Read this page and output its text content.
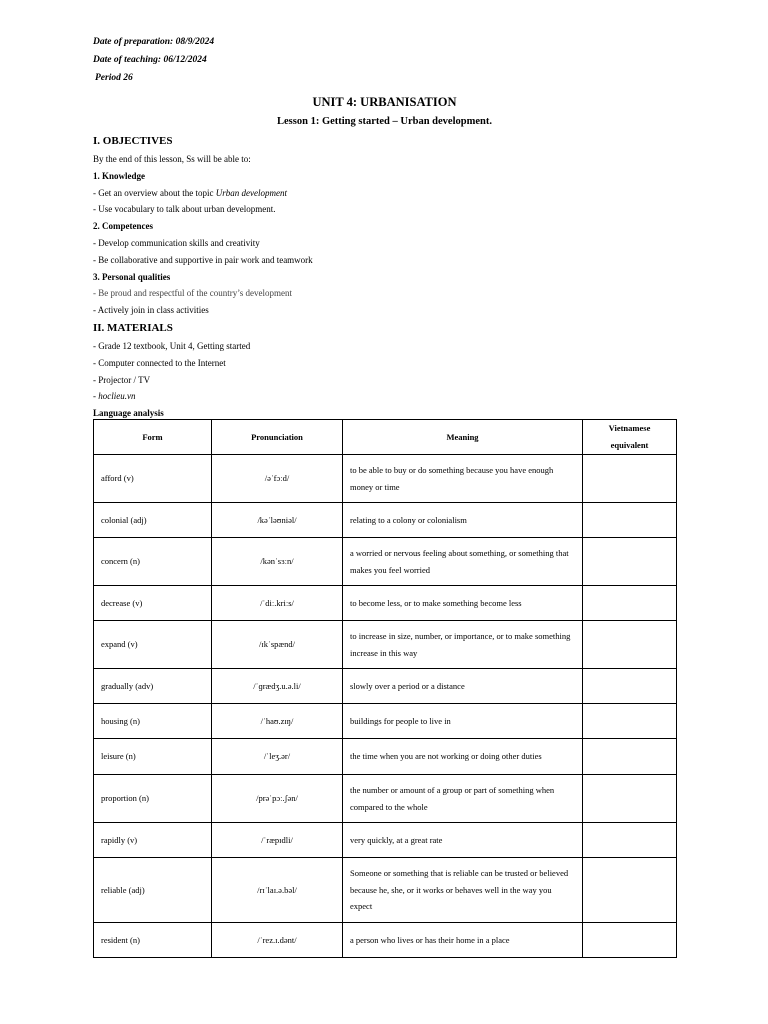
Date of preparation: 08/9/2024
Date of teaching: 06/12/2024
Period 26
UNIT 4: URBANISATION
Lesson 1: Getting started – Urban development.
I. OBJECTIVES
By the end of this lesson, Ss will be able to:
1. Knowledge
- Get an overview about the topic Urban development
- Use vocabulary to talk about urban development.
2. Competences
- Develop communication skills and creativity
- Be collaborative and supportive in pair work and teamwork
3. Personal qualities
- Be proud and respectful of the country’s development
- Actively join in class activities
II. MATERIALS
- Grade 12 textbook, Unit 4, Getting started
- Computer connected to the Internet
- Projector / TV
- hoclieu.vn
Language analysis
Form	Pronunciation	Meaning	Vietnamese equivalent
afford (v)	/əˈfɔːd/	to be able to buy or do something because you have enough money or time	
colonial (adj)	/kəˈləʊniəl/	relating to a colony or colonialism	
concern (n)	/kənˈsɜːn/	a worried or nervous feeling about something, or something that makes you feel worried	
decrease (v)	/ˈdiː.kriːs/	to become less, or to make something become less	
expand (v)	/ɪkˈspænd/	to increase in size, number, or importance, or to make something increase in this way	
gradually (adv)	/ˈɡrædʒ.u.ə.li/	slowly over a period or a distance	
housing (n)	/ˈhaʊ.zɪŋ/	buildings for people to live in	
leisure (n)	/ˈleʒ.ər/	the time when you are not working or doing other duties	
proportion (n)	/prəˈpɔː.ʃən/	the number or amount of a group or part of something when compared to the whole	
rapidly (v)	/ˈræpɪdli/	very quickly, at a great rate	
reliable (adj)	/rɪˈlaɪ.ə.bəl/	Someone or something that is reliable can be trusted or believed because he, she, or it works or behaves well in the way you expect	
resident (n)	/ˈrez.ɪ.dənt/	a person who lives or has their home in a place	
